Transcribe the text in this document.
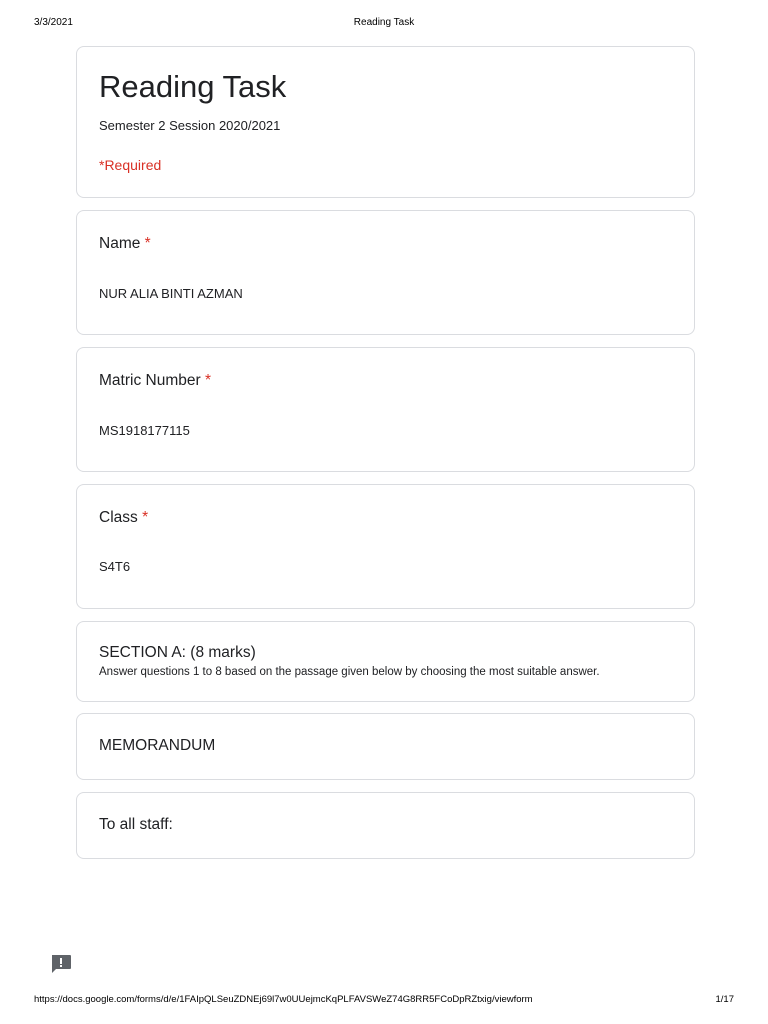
3/3/2021	Reading Task
Reading Task
Semester 2 Session 2020/2021
*Required
Name *
NUR ALIA BINTI AZMAN
Matric Number *
MS1918177115
Class *
S4T6
SECTION A: (8 marks)
Answer questions 1 to 8 based on the passage given below by choosing the most suitable answer.
MEMORANDUM
To all staff:
https://docs.google.com/forms/d/e/1FAIpQLSeuZDNEj69l7w0UUejmcKqPLFAVSWeZ74G8RR5FCoDpRZtxig/viewform	1/17
